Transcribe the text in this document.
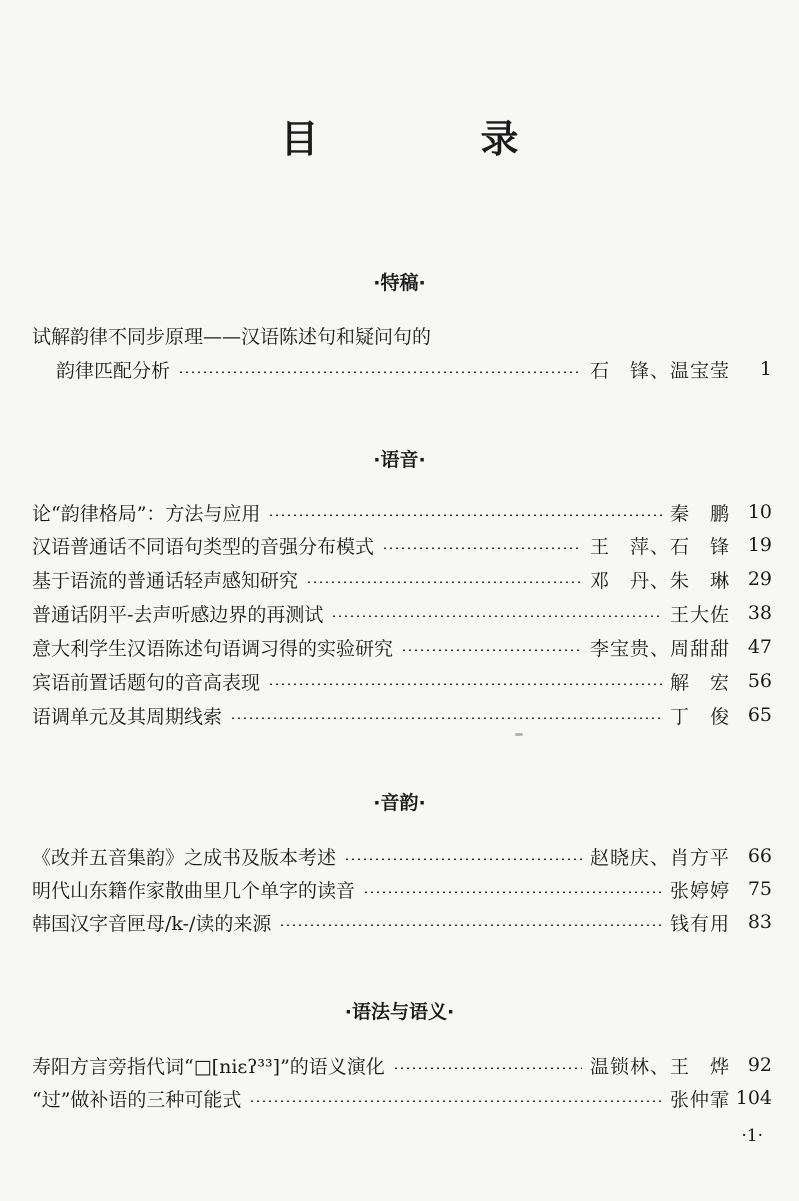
目　录
·特稿·
试解韵律不同步原理——汉语陈述句和疑问句的
韵律匹配分析	石　锋、温宝莹	1
·语音·
论“韵律格局”：方法与应用	秦　鹏 10
汉语普通话不同语句类型的音强分布模式	王　萍、石　锋 19
基于语流的普通话轻声感知研究	邓　丹、朱　琳 29
普通话阴平-去声听感边界的再测试	王大佐 38
意大利学生汉语陈述句语调习得的实验研究	李宝贵、周甜甜 47
宾语前置话题句的音高表现	解　宏 56
语调单元及其周期线索	丁　俊 65
·音韵·
《改并五音集韵》之成书及版本考述	赵晓庆、肖方平 66
明代山东籍作家散曲里几个单字的读音	张婷婷 75
韩国汉字音匣母/k-/读的来源	钱有用 83
·语法与语义·
寿阳方言旁指代词“□[niɛʔ³³]”的语义演化	温锁林、王　烨 92
“过”做补语的三种可能式	张仲霏 104
·1·
